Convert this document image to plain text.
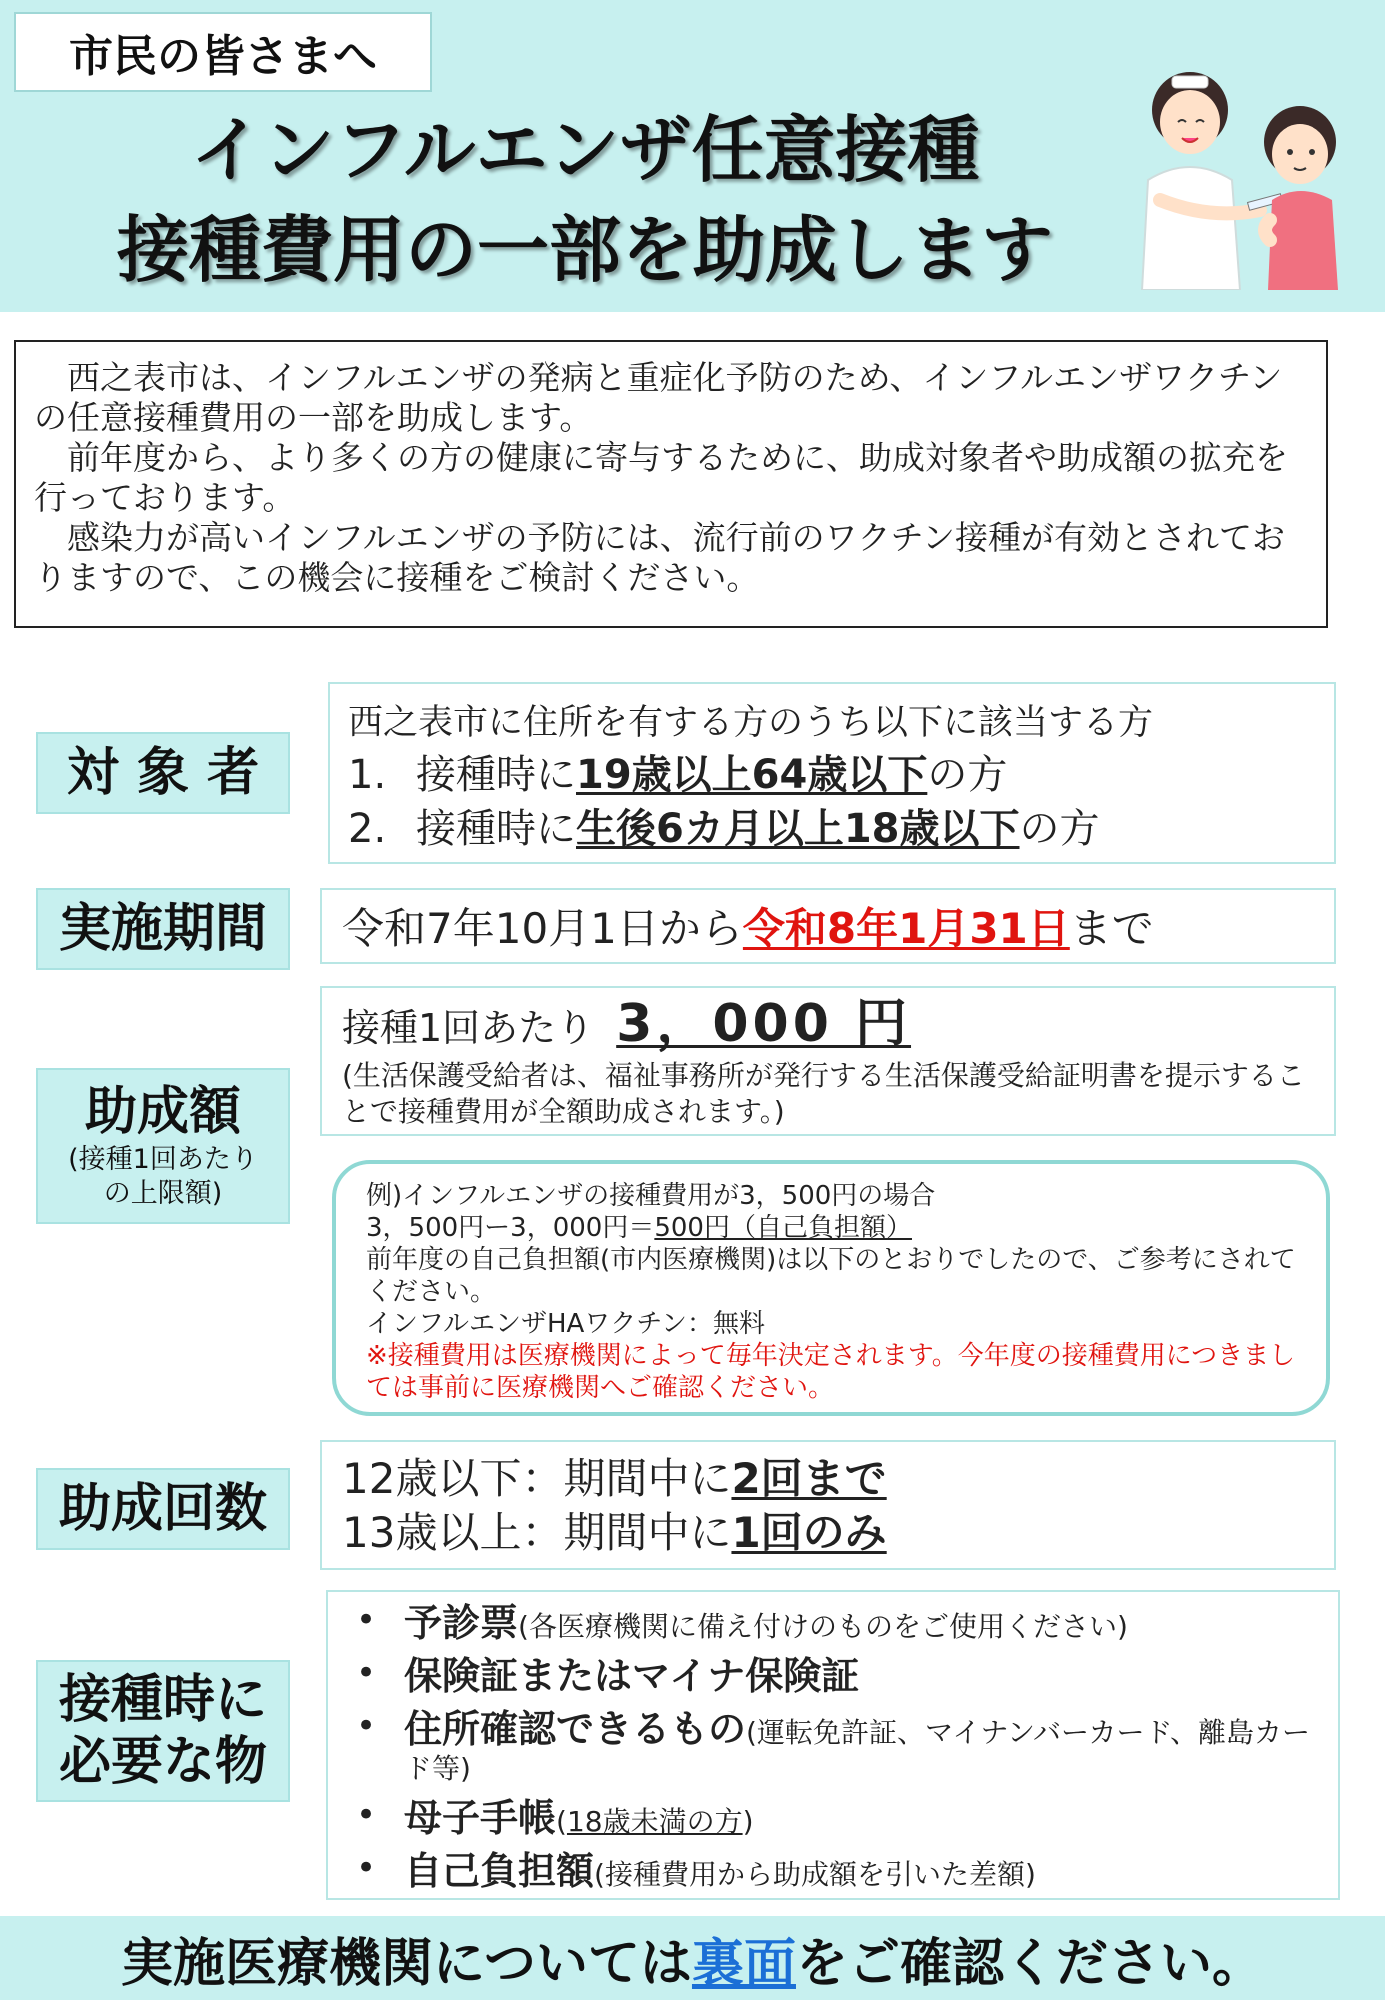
市民の皆さまへ
インフルエンザ任意接種
接種費用の一部を助成します

西之表市は、インフルエンザの発病と重症化予防のため、インフルエンザワクチンの任意接種費用の一部を助成します。

前年度から、より多くの方の健康に寄与するために、助成対象者や助成額の拡充を行っております。

感染力が高いインフルエンザの予防には、流行前のワクチン接種が有効とされておりますので、この機会に接種をご検討ください。

対 象 者
西之表市に住所を有する方のうち以下に該当する方
1. 接種時に19歳以上64歳以下の方
2. 接種時に生後6カ月以上18歳以下の方
実施期間 令和7年10月1日から 令和8年1月31日 まで
助成額
(接種1回あたり
の上限額)
接種1回あたり 3，000 円
(生活保護受給者は、福祉事務所が発行する生活保護受給証明書を提示することで接種費用が全額助成されます。)
例)インフルエンザの接種費用が3，500円の場合
3，500円ー3，000円＝500円（自己負担額）
前年度の自己負担額(市内医療機関)は以下のとおりでしたので、ご参考にされてください。
インフルエンザHAワクチン：無料
※接種費用は医療機関によって毎年決定されます。今年度の接種費用につきましては事前に医療機関へご確認ください。
助成回数
12歳以下：期間中に2回まで
13歳以上：期間中に1回のみ
接種時に
必要な物
• 予診票(各医療機関に備え付けのものをご使用ください)
• 保険証またはマイナ保険証
• 住所確認できるもの(運転免許証、マイナンバーカード、離島カード等)
• 母子手帳(18歳未満の方)
• 自己負担額(接種費用から助成額を引いた差額)
実施医療機関については 裏面 をご確認ください。
